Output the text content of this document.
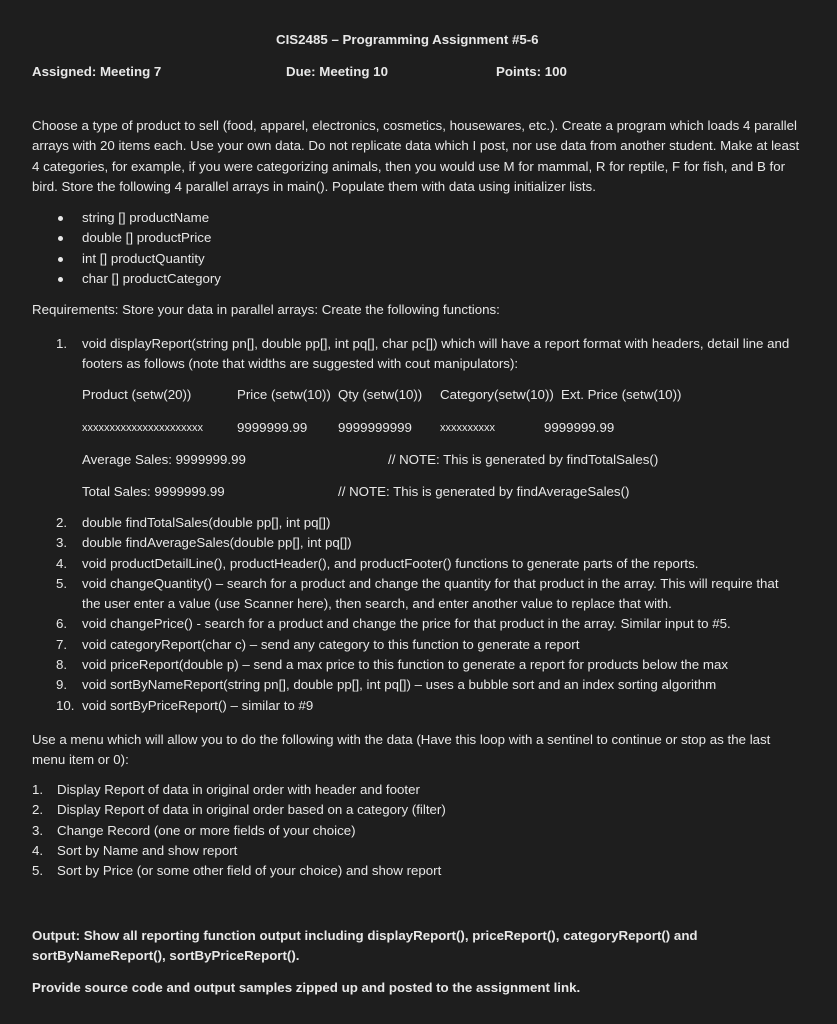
CIS2485 – Programming Assignment #5-6
Assigned: Meeting 7	Due: Meeting 10	Points: 100
Choose a type of product to sell (food, apparel, electronics, cosmetics, housewares, etc.). Create a program which loads 4 parallel arrays with 20 items each. Use your own data. Do not replicate data which I post, nor use data from another student. Make at least 4 categories, for example, if you were categorizing animals, then you would use M for mammal, R for reptile, F for fish, and B for bird. Store the following 4 parallel arrays in main(). Populate them with data using initializer lists.
string [] productName
double [] productPrice
int [] productQuantity
char [] productCategory
Requirements: Store your data in parallel arrays: Create the following functions:
1. void displayReport(string pn[], double pp[], int pq[], char pc[]) which will have a report format with headers, detail line and footers as follows (note that widths are suggested with cout manipulators):
Product (setw(20))	Price (setw(10)) Qty (setw(10)) Category(setw(10)) Ext. Price (setw(10))
xxxxxxxxxxxxxxxxxxxxxx	9999999.99 9999999999	xxxxxxxxxx	9999999.99
Average Sales: 9999999.99	// NOTE: This is generated by findTotalSales()
Total Sales: 9999999.99	// NOTE: This is generated by findAverageSales()
2. double findTotalSales(double pp[], int pq[])
3. double findAverageSales(double pp[], int pq[])
4. void productDetailLine(), productHeader(), and productFooter() functions to generate parts of the reports.
5. void changeQuantity() – search for a product and change the quantity for that product in the array. This will require that the user enter a value (use Scanner here), then search, and enter another value to replace that with.
6. void changePrice() - search for a product and change the price for that product in the array. Similar input to #5.
7. void categoryReport(char c) – send any category to this function to generate a report
8. void priceReport(double p) – send a max price to this function to generate a report for products below the max
9. void sortByNameReport(string pn[], double pp[], int pq[]) – uses a bubble sort and an index sorting algorithm
10. void sortByPriceReport() – similar to #9
Use a menu which will allow you to do the following with the data (Have this loop with a sentinel to continue or stop as the last menu item or 0):
1. Display Report of data in original order with header and footer
2. Display Report of data in original order based on a category (filter)
3. Change Record (one or more fields of your choice)
4. Sort by Name and show report
5. Sort by Price (or some other field of your choice) and show report
Output: Show all reporting function output including displayReport(), priceReport(), categoryReport() and sortByNameReport(), sortByPriceReport().
Provide source code and output samples zipped up and posted to the assignment link.
